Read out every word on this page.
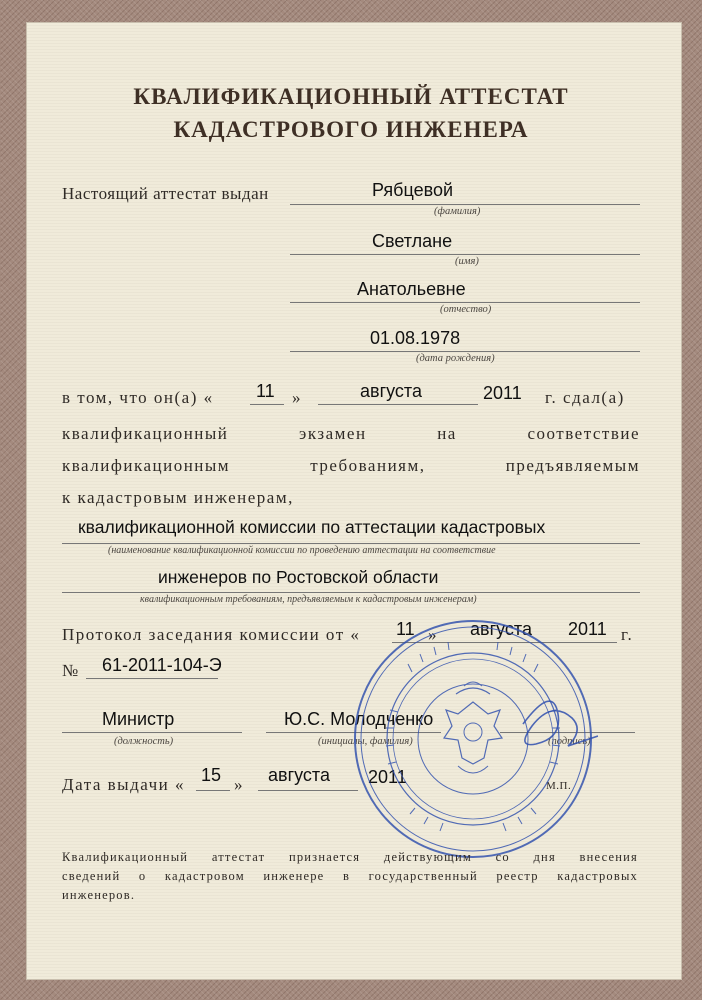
КВАЛИФИКАЦИОННЫЙ АТТЕСТАТ
КАДАСТРОВОГО ИНЖЕНЕРА
Настоящий аттестат выдан	Рябцевой
(фамилия)
Светлане
(имя)
Анатольевне
(отчество)
01.08.1978
(дата рождения)
в том, что он(а) « 11 »	августа	2011 г. сдал(а)
квалификационный экзамен на соответствие
квалификационным требованиям, предъявляемым
к кадастровым инженерам,
квалификационной комиссии по аттестации кадастровых
(наименование квалификационной комиссии по проведению аттестации на соответствие
инженеров по Ростовской области
квалификационным требованиям, предъявляемым к кадастровым инженерам)
Протокол заседания комиссии от « 11 » августа 2011 г.
№ 61-2011-104-Э
Министр
(должность)
Ю.С. Молодченко
(инициалы, фамилия)	(подпись)
Дата выдачи « 15 » августа 2011	М.П.
Квалификационный аттестат признается действующим со дня внесения
сведений о кадастровом инженере в государственный реестр кадастровых
инженеров.
